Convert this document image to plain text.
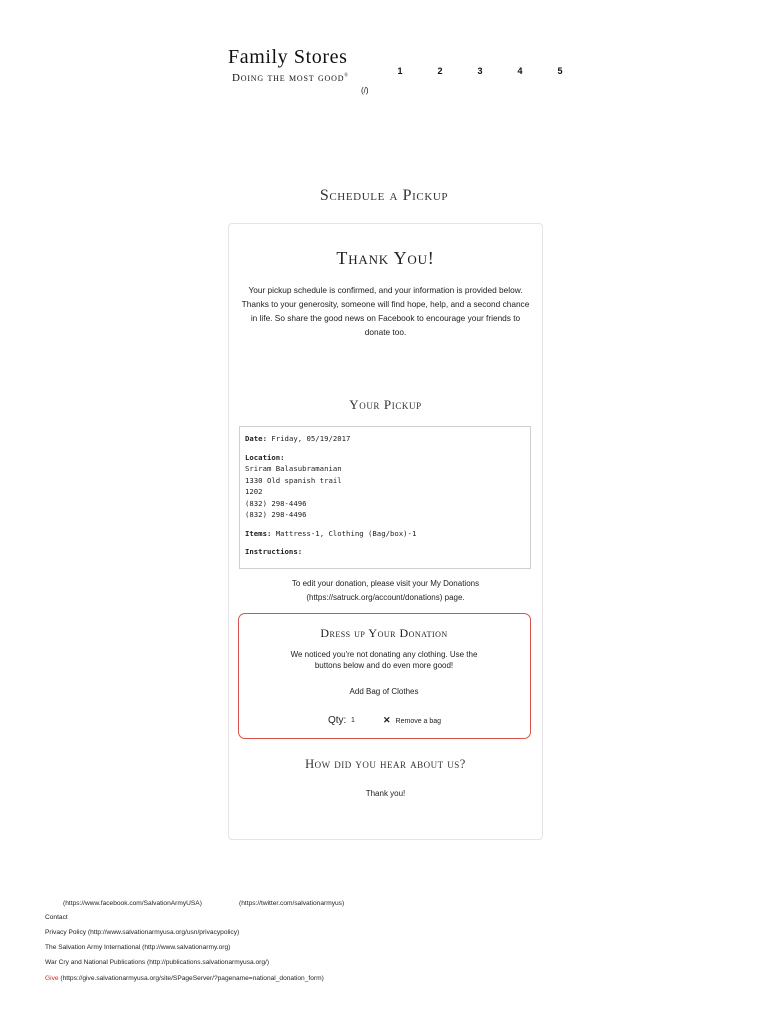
Family Stores
Doing the most good®
(/)
1	2	3	4	5
Schedule a Pickup
Thank You!
Your pickup schedule is confirmed, and your information is provided below. Thanks to your generosity, someone will find hope, help, and a second chance in life. So share the good news on Facebook to encourage your friends to donate too.
Your Pickup
Date: Friday, 05/19/2017
Location:
Sriram Balasubramanian
1330 Old spanish trail
1202
(832) 298-4496
(832) 298-4496
Items: Mattress-1, Clothing (Bag/box)-1
Instructions:
To edit your donation, please visit your My Donations (https://satruck.org/account/donations) page.
Dress up Your Donation
We noticed you're not donating any clothing. Use the buttons below and do even more good!
Add Bag of Clothes
Qty: 1	✕ Remove a bag
How did you hear about us?
Thank you!
(https://www.facebook.com/SalvationArmyUSA)	(https://twitter.com/salvationarmyus)
Contact
Privacy Policy (http://www.salvationarmyusa.org/usn/privacypolicy)
The Salvation Army International (http://www.salvationarmy.org)
War Cry and National Publications (http://publications.salvationarmyusa.org/)
Give (https://give.salvationarmyusa.org/site/SPageServer/?pagename=national_donation_form)
